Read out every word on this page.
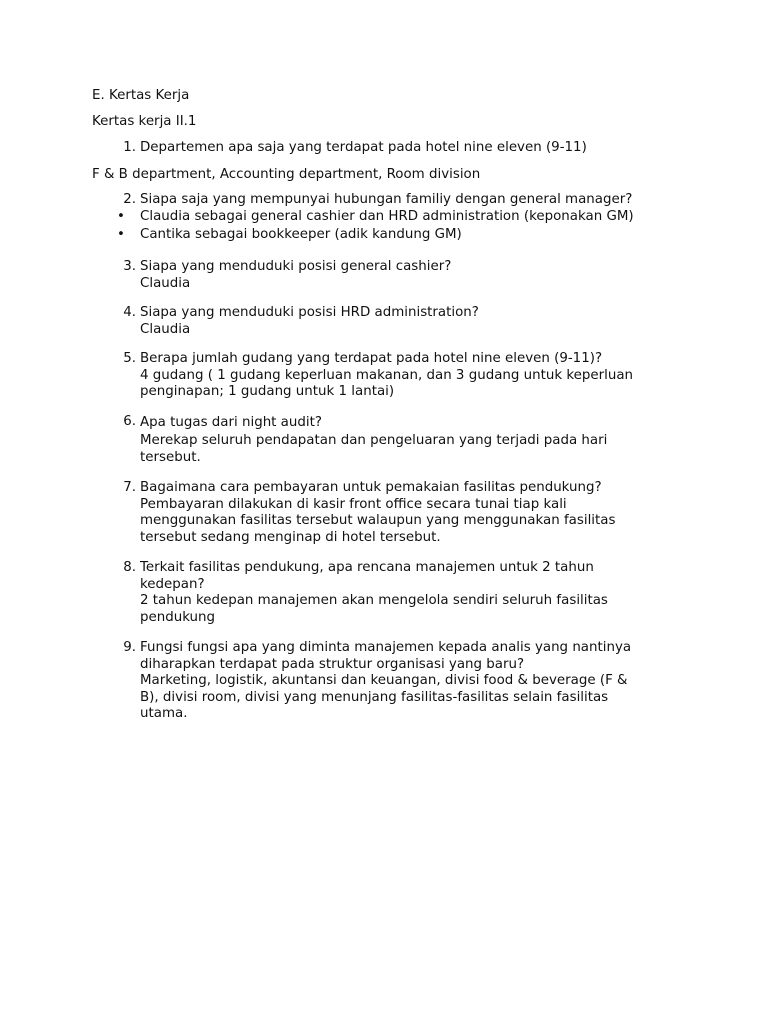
E. Kertas Kerja
Kertas kerja II.1
1. Departemen apa saja yang terdapat pada hotel nine eleven (9-11)
F & B department, Accounting department, Room division
2. Siapa saja yang mempunyai hubungan familiy dengan general manager?
• Claudia sebagai general cashier dan HRD administration (keponakan GM)
• Cantika sebagai bookkeeper (adik kandung GM)
3. Siapa yang menduduki posisi general cashier?
Claudia
4. Siapa yang menduduki posisi HRD administration?
Claudia
5. Berapa jumlah gudang yang terdapat pada hotel nine eleven (9-11)?
4 gudang ( 1 gudang keperluan makanan, dan 3 gudang untuk keperluan
penginapan; 1 gudang untuk 1 lantai)
6. Apa tugas dari night audit?
Merekap seluruh pendapatan dan pengeluaran yang terjadi pada hari
tersebut.
7. Bagaimana cara pembayaran untuk pemakaian fasilitas pendukung?
Pembayaran dilakukan di kasir front office secara tunai tiap kali
menggunakan fasilitas tersebut walaupun yang menggunakan fasilitas
tersebut sedang menginap di hotel tersebut.
8. Terkait fasilitas pendukung, apa rencana manajemen untuk 2 tahun
kedepan?
2 tahun kedepan manajemen akan mengelola sendiri seluruh fasilitas
pendukung
9. Fungsi fungsi apa yang diminta manajemen kepada analis yang nantinya
diharapkan terdapat pada struktur organisasi yang baru?
Marketing, logistik, akuntansi dan keuangan, divisi food & beverage (F &
B), divisi room, divisi yang menunjang fasilitas-fasilitas selain fasilitas
utama.
